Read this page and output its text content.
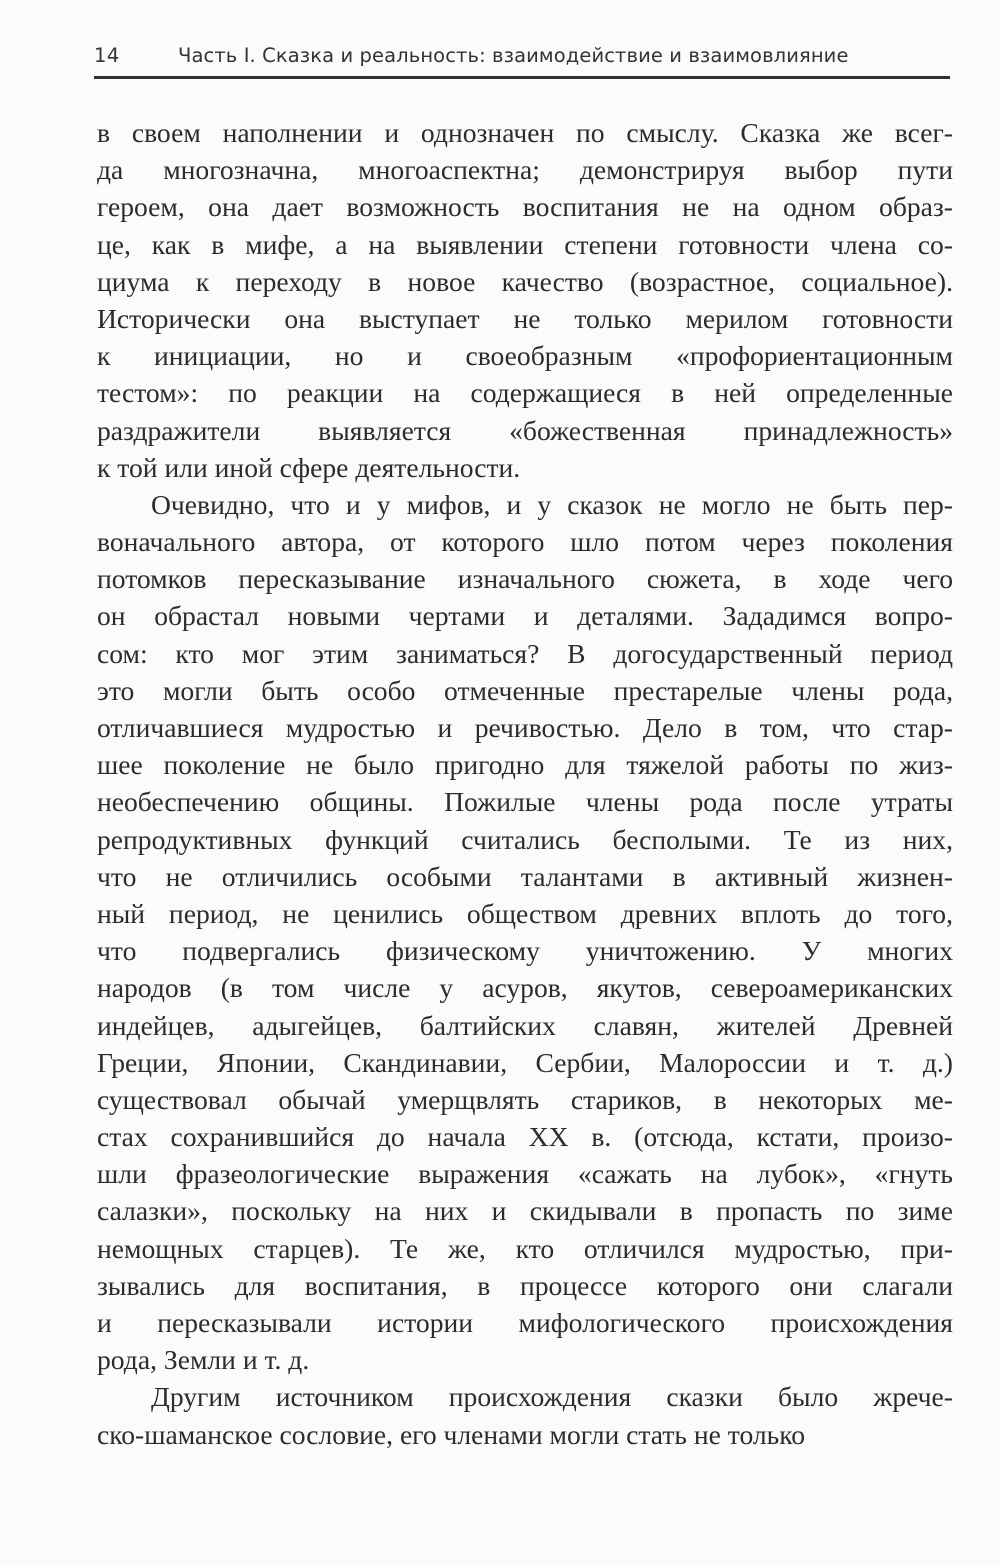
14	Часть I. Сказка и реальность: взаимодействие и взаимовлияние
в своем наполнении и однозначен по смыслу. Сказка же всег-
да многозначна, многоаспектна; демонстрируя выбор пути
героем, она дает возможность воспитания не на одном образ-
це, как в мифе, а на выявлении степени готовности члена со-
циума к переходу в новое качество (возрастное, социальное).
Исторически она выступает не только мерилом готовности
к инициации, но и своеобразным «профориентационным
тестом»: по реакции на содержащиеся в ней определенные
раздражители выявляется «божественная принадлежность»
к той или иной сфере деятельности.
Очевидно, что и у мифов, и у сказок не могло не быть пер-
воначального автора, от которого шло потом через поколения
потомков пересказывание изначального сюжета, в ходе чего
он обрастал новыми чертами и деталями. Зададимся вопро-
сом: кто мог этим заниматься? В догосударственный период
это могли быть особо отмеченные престарелые члены рода,
отличавшиеся мудростью и речивостью. Дело в том, что стар-
шее поколение не было пригодно для тяжелой работы по жиз-
необеспечению общины. Пожилые члены рода после утраты
репродуктивных функций считались бесполыми. Те из них,
что не отличились особыми талантами в активный жизнен-
ный период, не ценились обществом древних вплоть до того,
что подвергались физическому уничтожению. У многих
народов (в том числе у асуров, якутов, североамериканских
индейцев, адыгейцев, балтийских славян, жителей Древней
Греции, Японии, Скандинавии, Сербии, Малороссии и т. д.)
существовал обычай умерщвлять стариков, в некоторых ме-
стах сохранившийся до начала XX в. (отсюда, кстати, произо-
шли фразеологические выражения «сажать на лубок», «гнуть
салазки», поскольку на них и скидывали в пропасть по зиме
немощных старцев). Те же, кто отличился мудростью, при-
зывались для воспитания, в процессе которого они слагали
и пересказывали истории мифологического происхождения
рода, Земли и т. д.
Другим источником происхождения сказки было жрече-
ско-шаманское сословие, его членами могли стать не только
